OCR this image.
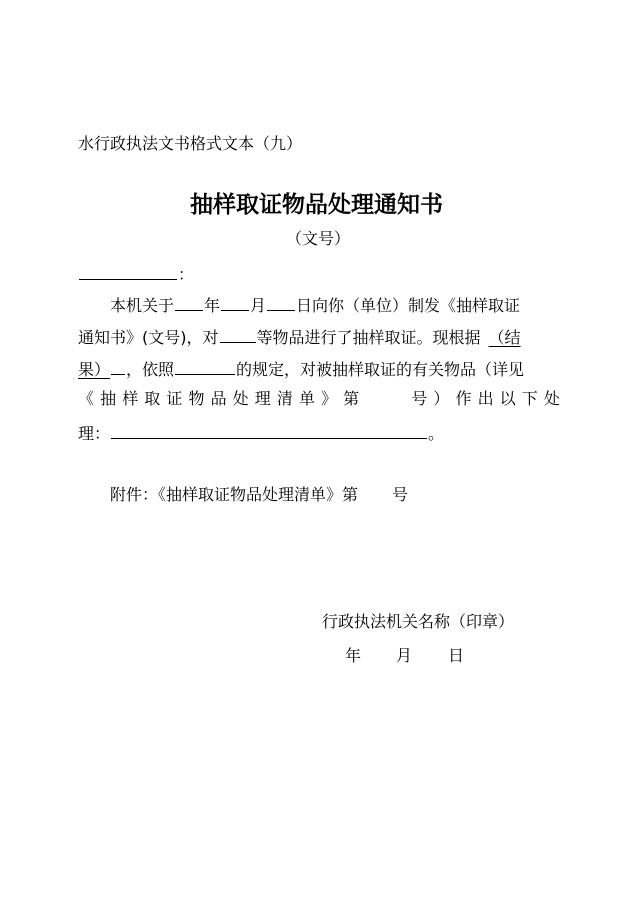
水行政执法文书格式文本（九）
抽样取证物品处理通知书
（文号）
：
本机关于 年 月 日向你（单位）制发《抽样取证
通知书》(文号)，对 等物品进行了抽样取证。现根据 （结
果） ，依照	的规定，对被抽样取证的有关物品（详见
《 抽 样 取 证 物 品 处 理 清 单 》 第	号 ） 作 出 以 下 处
理：	。
附件：《抽样取证物品处理清单》第 号
行政执法机关名称（印章）
年 月 日
